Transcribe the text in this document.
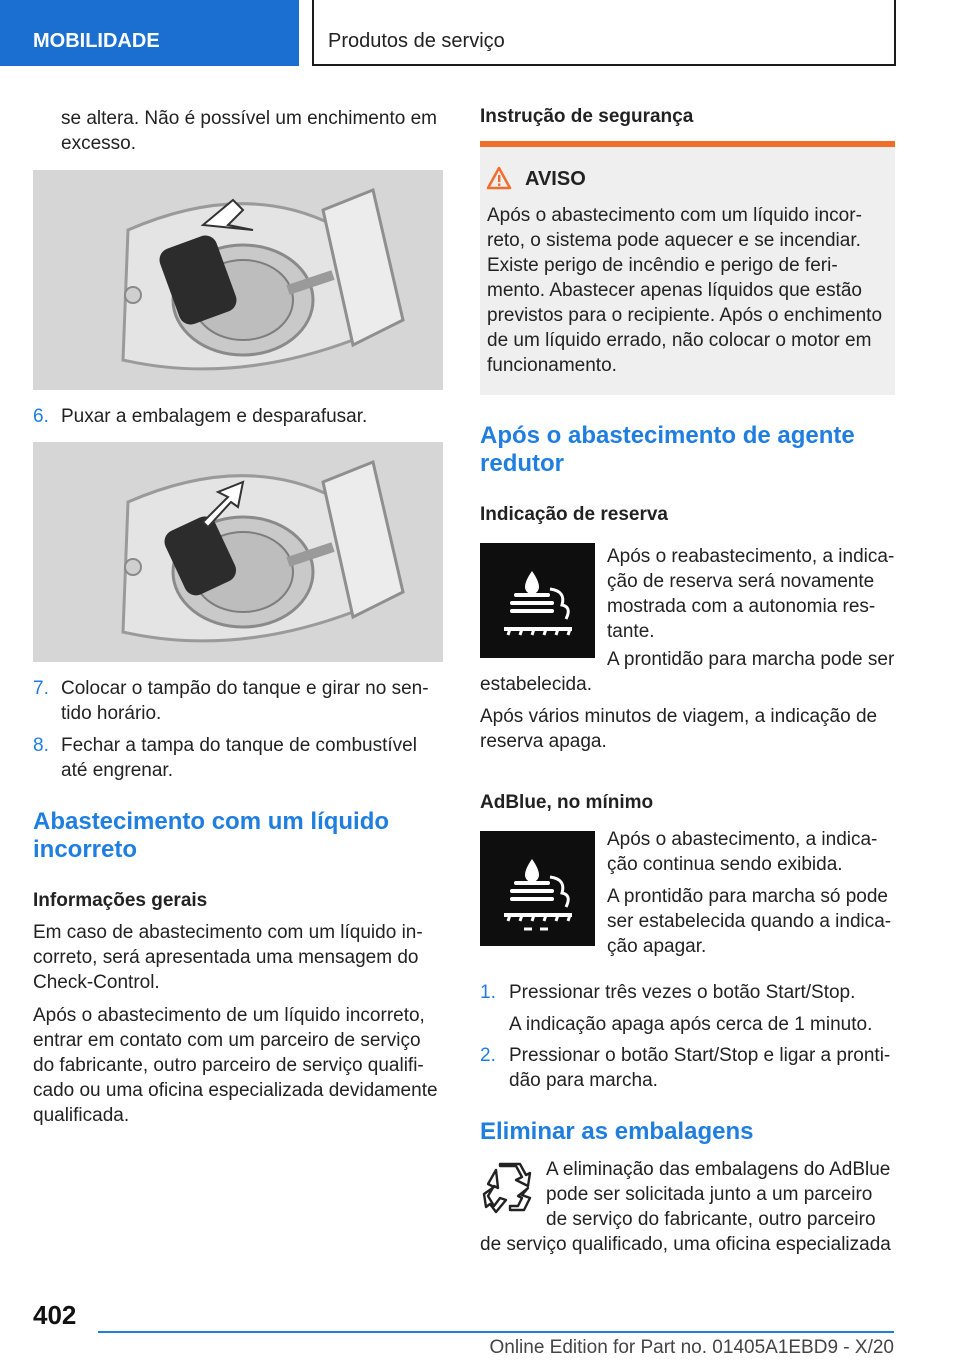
MOBILIDADE	Produtos de serviço
se altera. Não é possível um enchimento em
excesso.
6. Puxar a embalagem e desparafusar.
7. Colocar o tampão do tanque e girar no sen-
tido horário.
8. Fechar a tampa do tanque de combustível
até engrenar.
Abastecimento com um líquido
incorreto
Informações gerais
Em caso de abastecimento com um líquido in-
correto, será apresentada uma mensagem do
Check-Control.
Após o abastecimento de um líquido incorreto,
entrar em contato com um parceiro de serviço
do fabricante, outro parceiro de serviço qualifi-
cado ou uma oficina especializada devidamente
qualificada.
Instrução de segurança
AVISO
Após o abastecimento com um líquido incor-
reto, o sistema pode aquecer e se incendiar.
Existe perigo de incêndio e perigo de feri-
mento. Abastecer apenas líquidos que estão
previstos para o recipiente. Após o enchimento
de um líquido errado, não colocar o motor em
funcionamento.
Após o abastecimento de agente
redutor
Indicação de reserva
Após o reabastecimento, a indica-
ção de reserva será novamente
mostrada com a autonomia res-
tante.
A prontidão para marcha pode ser
estabelecida.
Após vários minutos de viagem, a indicação de
reserva apaga.
AdBlue, no mínimo
Após o abastecimento, a indica-
ção continua sendo exibida.
A prontidão para marcha só pode
ser estabelecida quando a indica-
ção apagar.
1. Pressionar três vezes o botão Start/Stop.
A indicação apaga após cerca de 1 minuto.
2. Pressionar o botão Start/Stop e ligar a pronti-
dão para marcha.
Eliminar as embalagens
A eliminação das embalagens do AdBlue
pode ser solicitada junto a um parceiro
de serviço do fabricante, outro parceiro
de serviço qualificado, uma oficina especializada
402
Online Edition for Part no. 01405A1EBD9 - X/20
